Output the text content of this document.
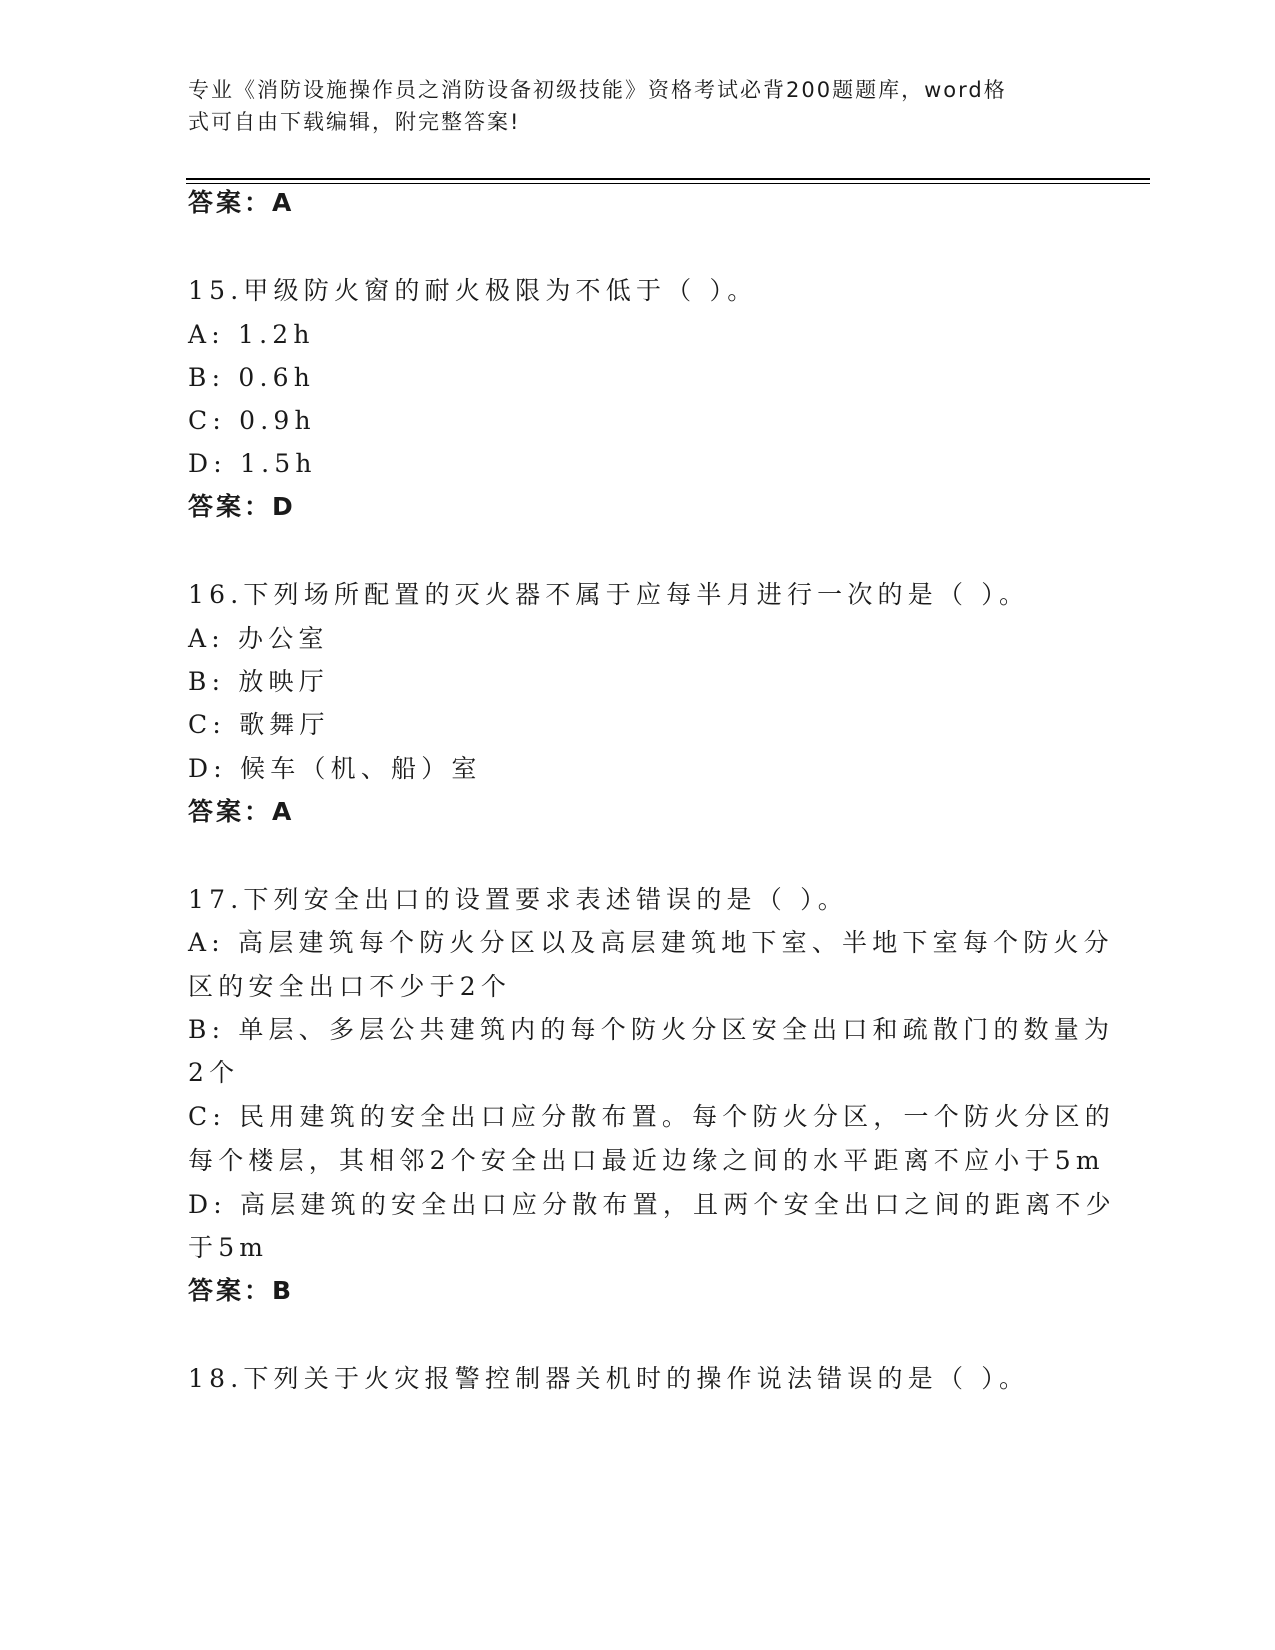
专业《消防设施操作员之消防设备初级技能》资格考试必背200题题库，word格
式可自由下载编辑，附完整答案!
答案：A
15.甲级防火窗的耐火极限为不低于（ ）。
A: 1.2h
B: 0.6h
C: 0.9h
D: 1.5h
答案：D
16.下列场所配置的灭火器不属于应每半月进行一次的是（ ）。
A: 办公室
B: 放映厅
C: 歌舞厅
D: 候车（机、船）室
答案：A
17.下列安全出口的设置要求表述错误的是（ ）。
A: 高层建筑每个防火分区以及高层建筑地下室、半地下室每个防火分
区的安全出口不少于2个
B: 单层、多层公共建筑内的每个防火分区安全出口和疏散门的数量为
2个
C: 民用建筑的安全出口应分散布置。每个防火分区，一个防火分区的
每个楼层，其相邻2个安全出口最近边缘之间的水平距离不应小于5m
D: 高层建筑的安全出口应分散布置，且两个安全出口之间的距离不少
于5m
答案：B
18.下列关于火灾报警控制器关机时的操作说法错误的是（ ）。
